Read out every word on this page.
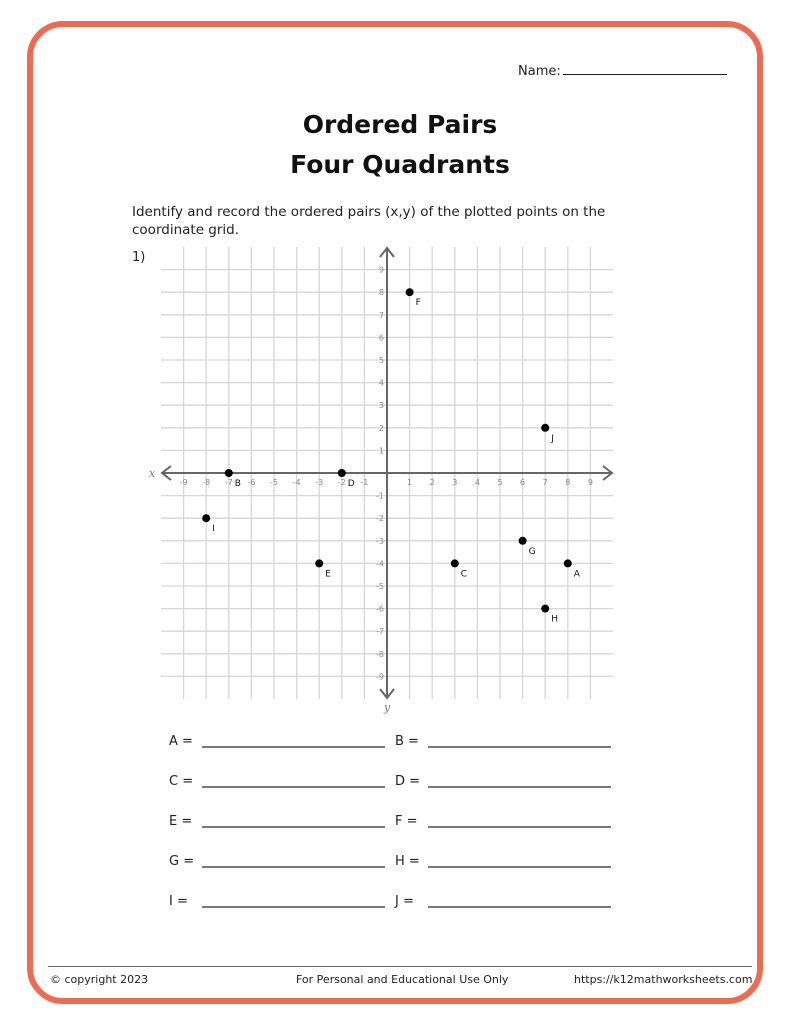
Name:
Ordered Pairs
Four Quadrants
Identify and record the ordered pairs (x,y) of the plotted points on the coordinate grid.
1)
x
y
-9 -8 -7 -6 -5 -4 -3 -2 -1	1 2 3 4 5 6 7 8 9
9
8
7
6
5
4
3
2
1
-1
-2
-3
-4
-5
-6
-7
-8
-9
A
B
C
D
E
F
G
H
I
J
A =	B =
C =	D =
E =	F =
G =	H =
I =	J =
© copyright 2023	For Personal and Educational Use Only	https://k12mathworksheets.com
